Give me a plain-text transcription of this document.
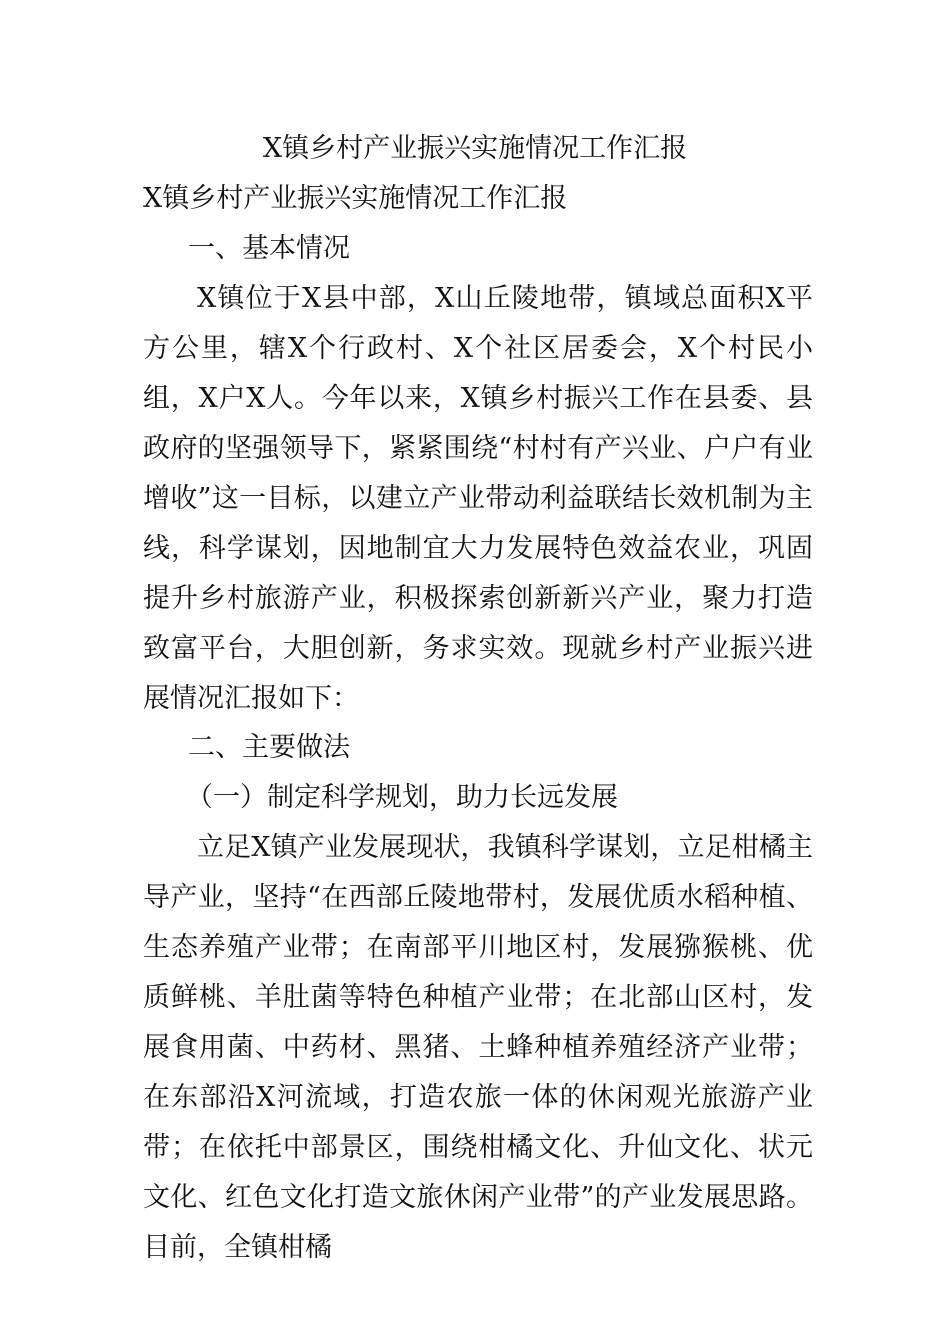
X镇乡村产业振兴实施情况工作汇报

X镇乡村产业振兴实施情况工作汇报

一、基本情况

X镇位于X县中部，X山丘陵地带，镇域总面积X平方公里，辖X个行政村、X个社区居委会，X个村民小组，X户X人。今年以来，X镇乡村振兴工作在县委、县政府的坚强领导下，紧紧围绕“村村有产兴业、户户有业增收”这一目标，以建立产业带动利益联结长效机制为主线，科学谋划，因地制宜大力发展特色效益农业，巩固提升乡村旅游产业，积极探索创新新兴产业，聚力打造致富平台，大胆创新，务求实效。现就乡村产业振兴进展情况汇报如下：

二、主要做法

（一）制定科学规划，助力长远发展

立足X镇产业发展现状，我镇科学谋划，立足柑橘主导产业，坚持“在西部丘陵地带村，发展优质水稻种植、生态养殖产业带；在南部平川地区村，发展猕猴桃、优质鲜桃、羊肚菌等特色种植产业带；在北部山区村，发展食用菌、中药材、黑猪、土蜂种植养殖经济产业带；在东部沿X河流域，打造农旅一体的休闲观光旅游产业带；在依托中部景区，围绕柑橘文化、升仙文化、状元文化、红色文化打造文旅休闲产业带”的产业发展思路。目前，全镇柑橘
